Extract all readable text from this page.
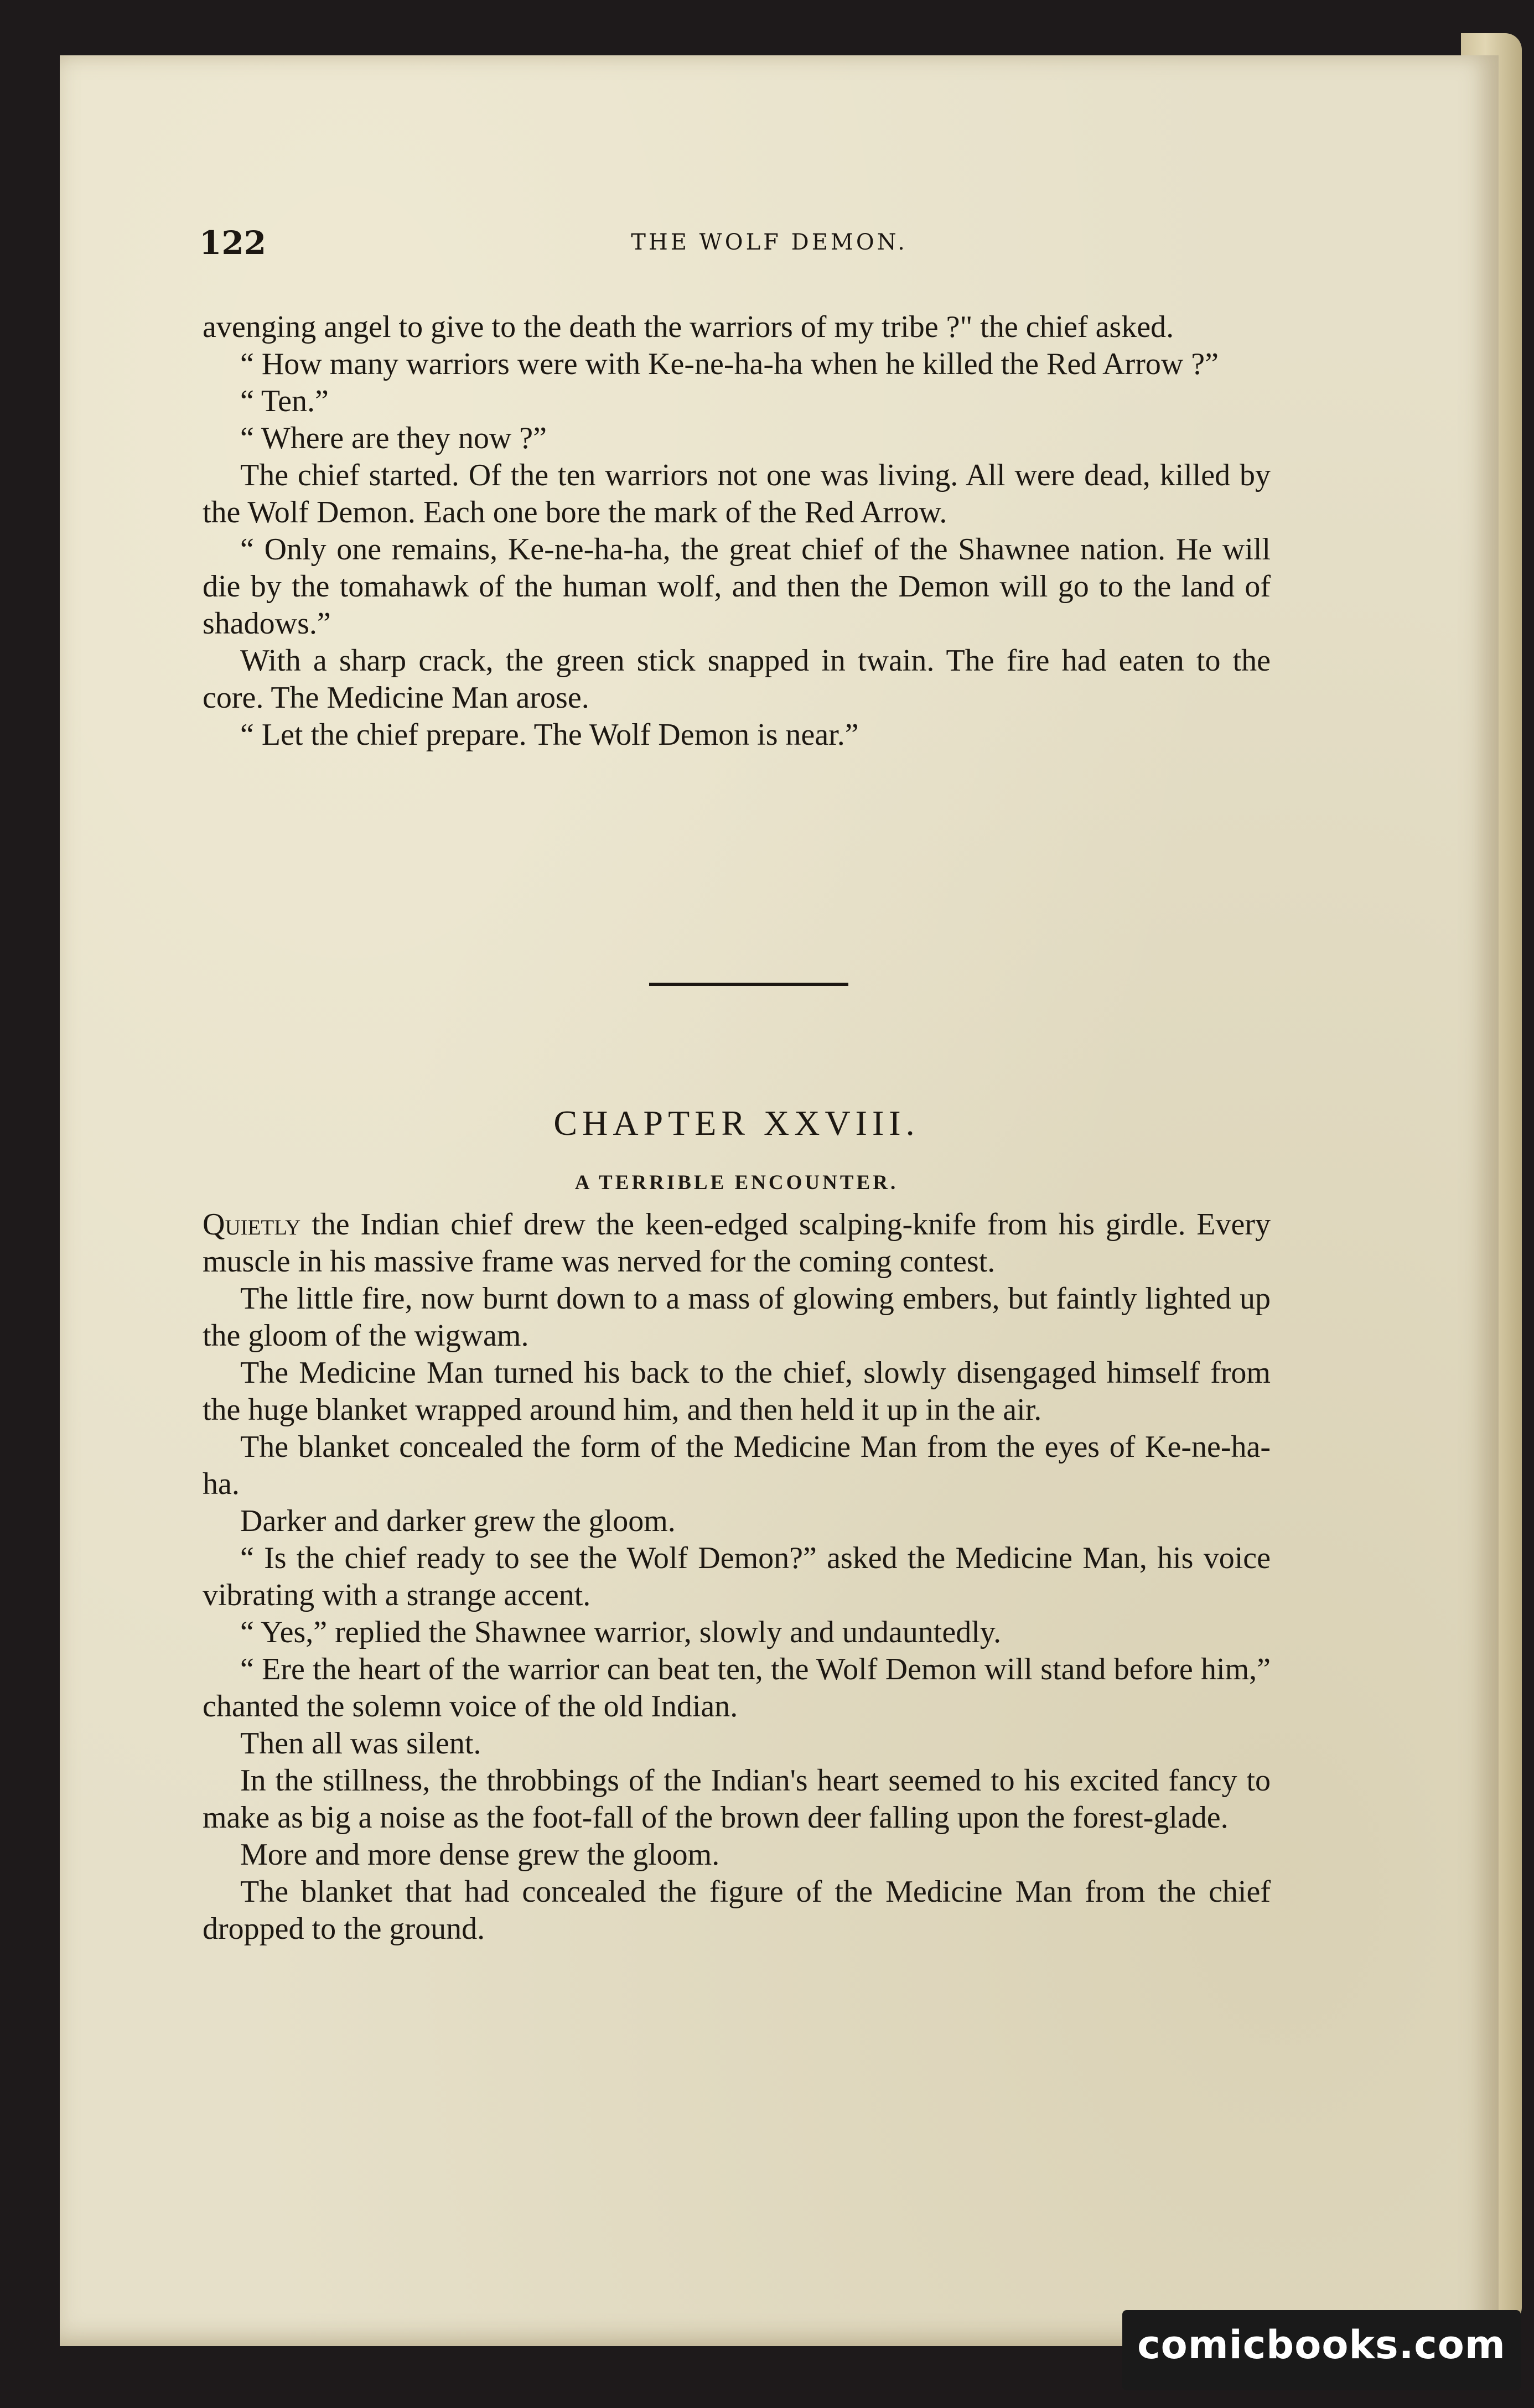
122	THE WOLF DEMON.

avenging angel to give to the death the warriors of my tribe ?" the chief asked.

“ How many warriors were with Ke-ne-ha-ha when he killed the Red Arrow ?”

“ Ten.”

“ Where are they now ?”

The chief started. Of the ten warriors not one was living. All were dead, killed by the Wolf Demon. Each one bore the mark of the Red Arrow.

“ Only one remains, Ke-ne-ha-ha, the great chief of the Shawnee nation. He will die by the tomahawk of the human wolf, and then the Demon will go to the land of shadows.”

With a sharp crack, the green stick snapped in twain. The fire had eaten to the core. The Medicine Man arose.

“ Let the chief prepare. The Wolf Demon is near.”

CHAPTER XXVIII.
A TERRIBLE ENCOUNTER.

Quietly the Indian chief drew the keen-edged scalping-knife from his girdle. Every muscle in his massive frame was nerved for the coming contest.

The little fire, now burnt down to a mass of glowing embers, but faintly lighted up the gloom of the wigwam.

The Medicine Man turned his back to the chief, slowly disengaged himself from the huge blanket wrapped around him, and then held it up in the air.

The blanket concealed the form of the Medicine Man from the eyes of Ke-ne-ha-ha.

Darker and darker grew the gloom.

“ Is the chief ready to see the Wolf Demon?” asked the Medicine Man, his voice vibrating with a strange accent.

“ Yes,” replied the Shawnee warrior, slowly and undauntedly.

“ Ere the heart of the warrior can beat ten, the Wolf Demon will stand before him,” chanted the solemn voice of the old Indian.

Then all was silent.

In the stillness, the throbbings of the Indian's heart seemed to his excited fancy to make as big a noise as the foot-fall of the brown deer falling upon the forest-glade.

More and more dense grew the gloom.

The blanket that had concealed the figure of the Medicine Man from the chief dropped to the ground.

comicbooks.com
